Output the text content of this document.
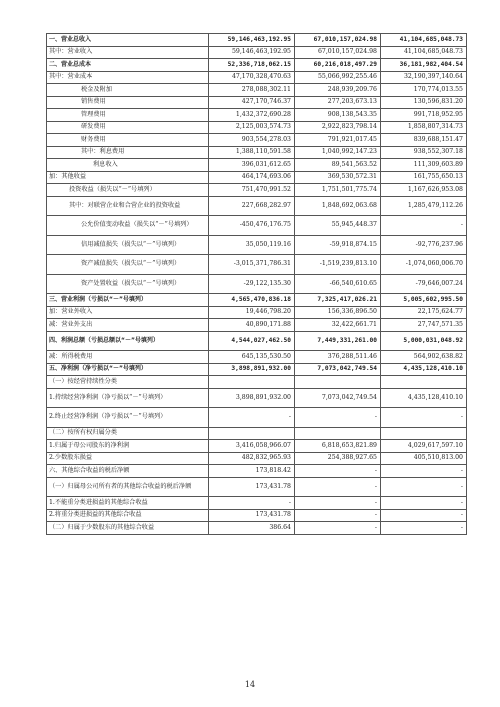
一、营业总收入	59,146,463,192.95	67,010,157,024.98	41,104,685,048.73
其中：营业收入	59,146,463,192.95	67,010,157,024.98	41,104,685,048.73
二、营业总成本	52,336,718,062.15	60,216,018,497.29	36,181,982,404.54
其中：营业成本	47,170,328,470.63	55,066,992,255.46	32,190,397,140.64
税金及附加	278,088,302.11	248,939,209.76	170,774,013.55
销售费用	427,170,746.37	277,203,673.13	130,596,831.20
管理费用	1,432,372,690.28	908,138,543.35	991,718,952.95
研发费用	2,125,003,574.73	2,922,823,798.14	1,858,807,314.73
财务费用	903,554,278.03	791,921,017.45	839,688,151.47
其中：利息费用	1,388,110,591.58	1,040,992,147.23	938,552,307.18
利息收入	396,031,612.65	89,541,563.52	111,309,603.89
加：其他收益	464,174,693.06	369,530,572.31	161,755,650.13
投资收益（损失以“－”号填列）	751,470,991.52	1,751,501,775.74	1,167,626,953.08
其中：对联营企业和合营企业的投资收益	227,668,282.97	1,848,692,063.68	1,285,479,112.26
公允价值变动收益（损失以“－”号填列）	-450,476,176.75	55,945,448.37	-
信用减值损失（损失以“－”号填列）	35,050,119.16	-59,918,874.15	-92,776,237.96
资产减值损失（损失以“－”号填列）	-3,015,371,786.31	-1,519,239,813.10	-1,074,060,006.70
资产处置收益（损失以“－”号填列）	-29,122,135.30	-66,540,610.65	-79,646,007.24
三、营业利润（亏损以“－”号填列）	4,565,470,836.18	7,325,417,026.21	5,005,602,995.50
加：营业外收入	19,446,798.20	156,336,896.50	22,175,624.77
减：营业外支出	40,890,171.88	32,422,661.71	27,747,571.35
四、利润总额（亏损总额以“－”号填列）	4,544,027,462.50	7,449,331,261.00	5,000,031,048.92
减：所得税费用	645,135,530.50	376,288,511.46	564,902,638.82
五、净利润（净亏损以“－”号填列）	3,898,891,932.00	7,073,042,749.54	4,435,128,410.10
（一）按经营持续性分类			
1.持续经营净利润（净亏损以“－”号填列）	3,898,891,932.00	7,073,042,749.54	4,435,128,410.10
2.终止经营净利润（净亏损以“－”号填列）	-	-	-
（二）按所有权归属分类			
1.归属于母公司股东的净利润	3,416,058,966.07	6,818,653,821.89	4,029,617,597.10
2.少数股东损益	482,832,965.93	254,388,927.65	405,510,813.00
六、其他综合收益的税后净额	173,818.42	-	-
（一）归属母公司所有者的其他综合收益的税后净额	173,431.78	-	-
1.不能重分类进损益的其他综合收益	-	-	-
2.将重分类进损益的其他综合收益	173,431.78	-	-
（二）归属于少数股东的其他综合收益	386.64	-	-
14
